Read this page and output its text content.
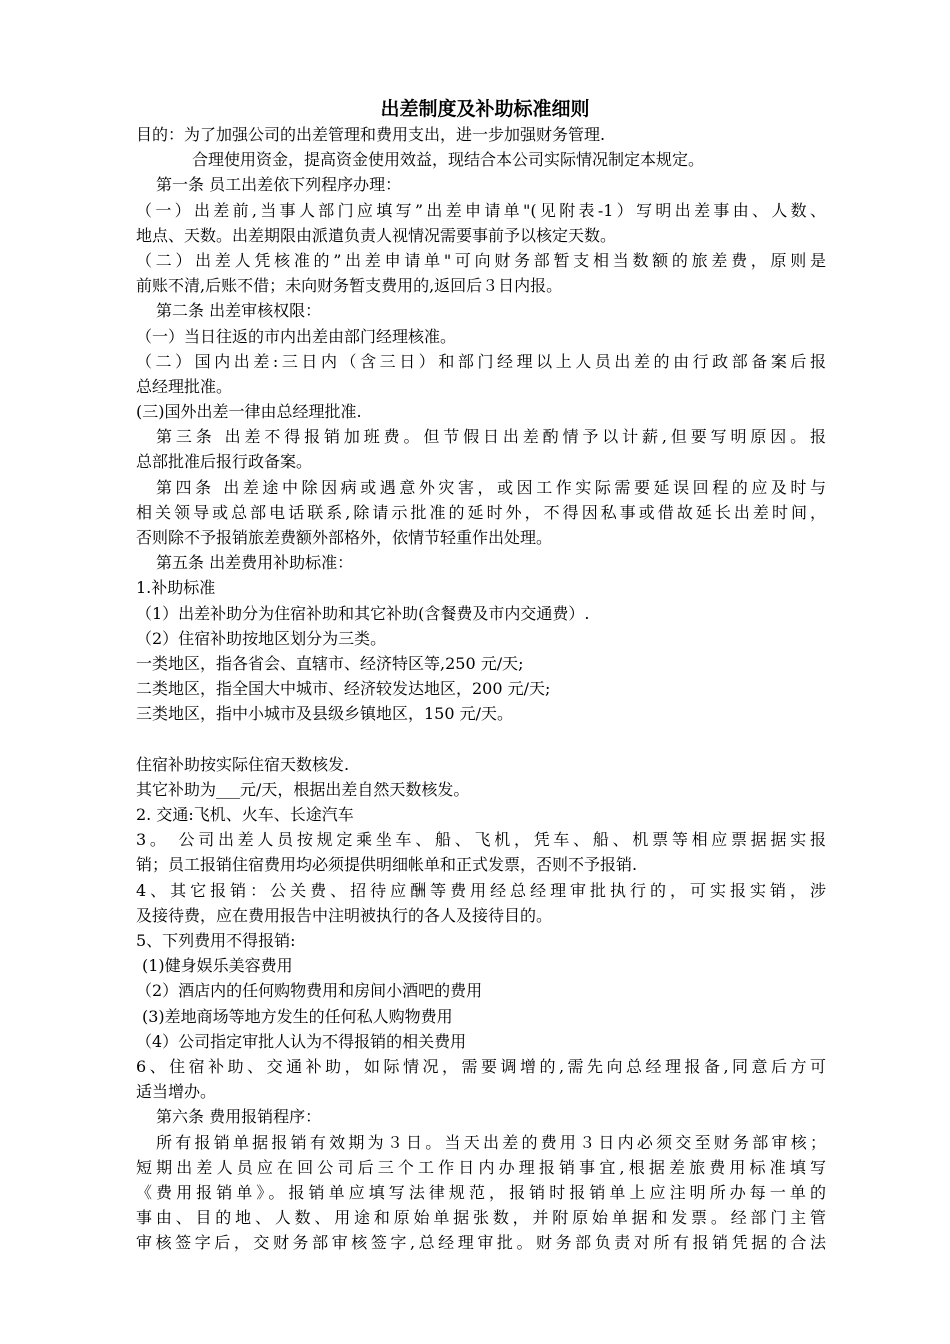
出差制度及补助标准细则
目的：为了加强公司的出差管理和费用支出，进一步加强财务管理.
合理使用资金，提高资金使用效益，现结合本公司实际情况制定本规定。
第一条 员工出差依下列程序办理：
（一）出差前,当事人部门应填写”出差申请单"(见附表-1）写明出差事由、人数、
地点、天数。出差期限由派遣负责人视情况需要事前予以核定天数。
（二）出差人凭核准的”出差申请单"可向财务部暂支相当数额的旅差费，原则是
前账不清,后账不借；未向财务暂支费用的,返回后３日内报。
第二条 出差审核权限：
（一）当日往返的市内出差由部门经理核准。
（二）国内出差:三日内（含三日）和部门经理以上人员出差的由行政部备案后报
总经理批准。
(三)国外出差一律由总经理批准.
第三条 出差不得报销加班费。但节假日出差酌情予以计薪,但要写明原因。报
总部批准后报行政备案。
第四条 出差途中除因病或遇意外灾害，或因工作实际需要延误回程的应及时与
相关领导或总部电话联系,除请示批准的延时外，不得因私事或借故延长出差时间，
否则除不予报销旅差费额外部格外，依情节轻重作出处理。
第五条 出差费用补助标准：
1.补助标准
（1）出差补助分为住宿补助和其它补助(含餐费及市内交通费）.
（2）住宿补助按地区划分为三类。
一类地区，指各省会、直辖市、经济特区等,250 元/天;
二类地区，指全国大中城市、经济较发达地区，200 元/天;
三类地区，指中小城市及县级乡镇地区，150 元/天。
住宿补助按实际住宿天数核发.
其它补助为___元/天，根据出差自然天数核发。
2. 交通:飞机、火车、长途汽车
3。 公司出差人员按规定乘坐车、船、飞机，凭车、船、机票等相应票据据实报
销；员工报销住宿费用均必须提供明细帐单和正式发票，否则不予报销.
4、其它报销：公关费、招待应酬等费用经总经理审批执行的，可实报实销，涉
及接待费，应在费用报告中注明被执行的各人及接待目的。
5、下列费用不得报销:
(1)健身娱乐美容费用
（2）酒店内的任何购物费用和房间小酒吧的费用
(3)差地商场等地方发生的任何私人购物费用
（4）公司指定审批人认为不得报销的相关费用
6、住宿补助、交通补助，如际情况，需要调增的,需先向总经理报备,同意后方可
适当增办。
第六条 费用报销程序：
所有报销单据报销有效期为３日。当天出差的费用３日内必须交至财务部审核；
短期出差人员应在回公司后三个工作日内办理报销事宜,根据差旅费用标准填写
《费用报销单》。报销单应填写法律规范，报销时报销单上应注明所办每一单的
事由、目的地、人数、用途和原始单据张数，并附原始单据和发票。经部门主管
审核签字后，交财务部审核签字,总经理审批。财务部负责对所有报销凭据的合法
